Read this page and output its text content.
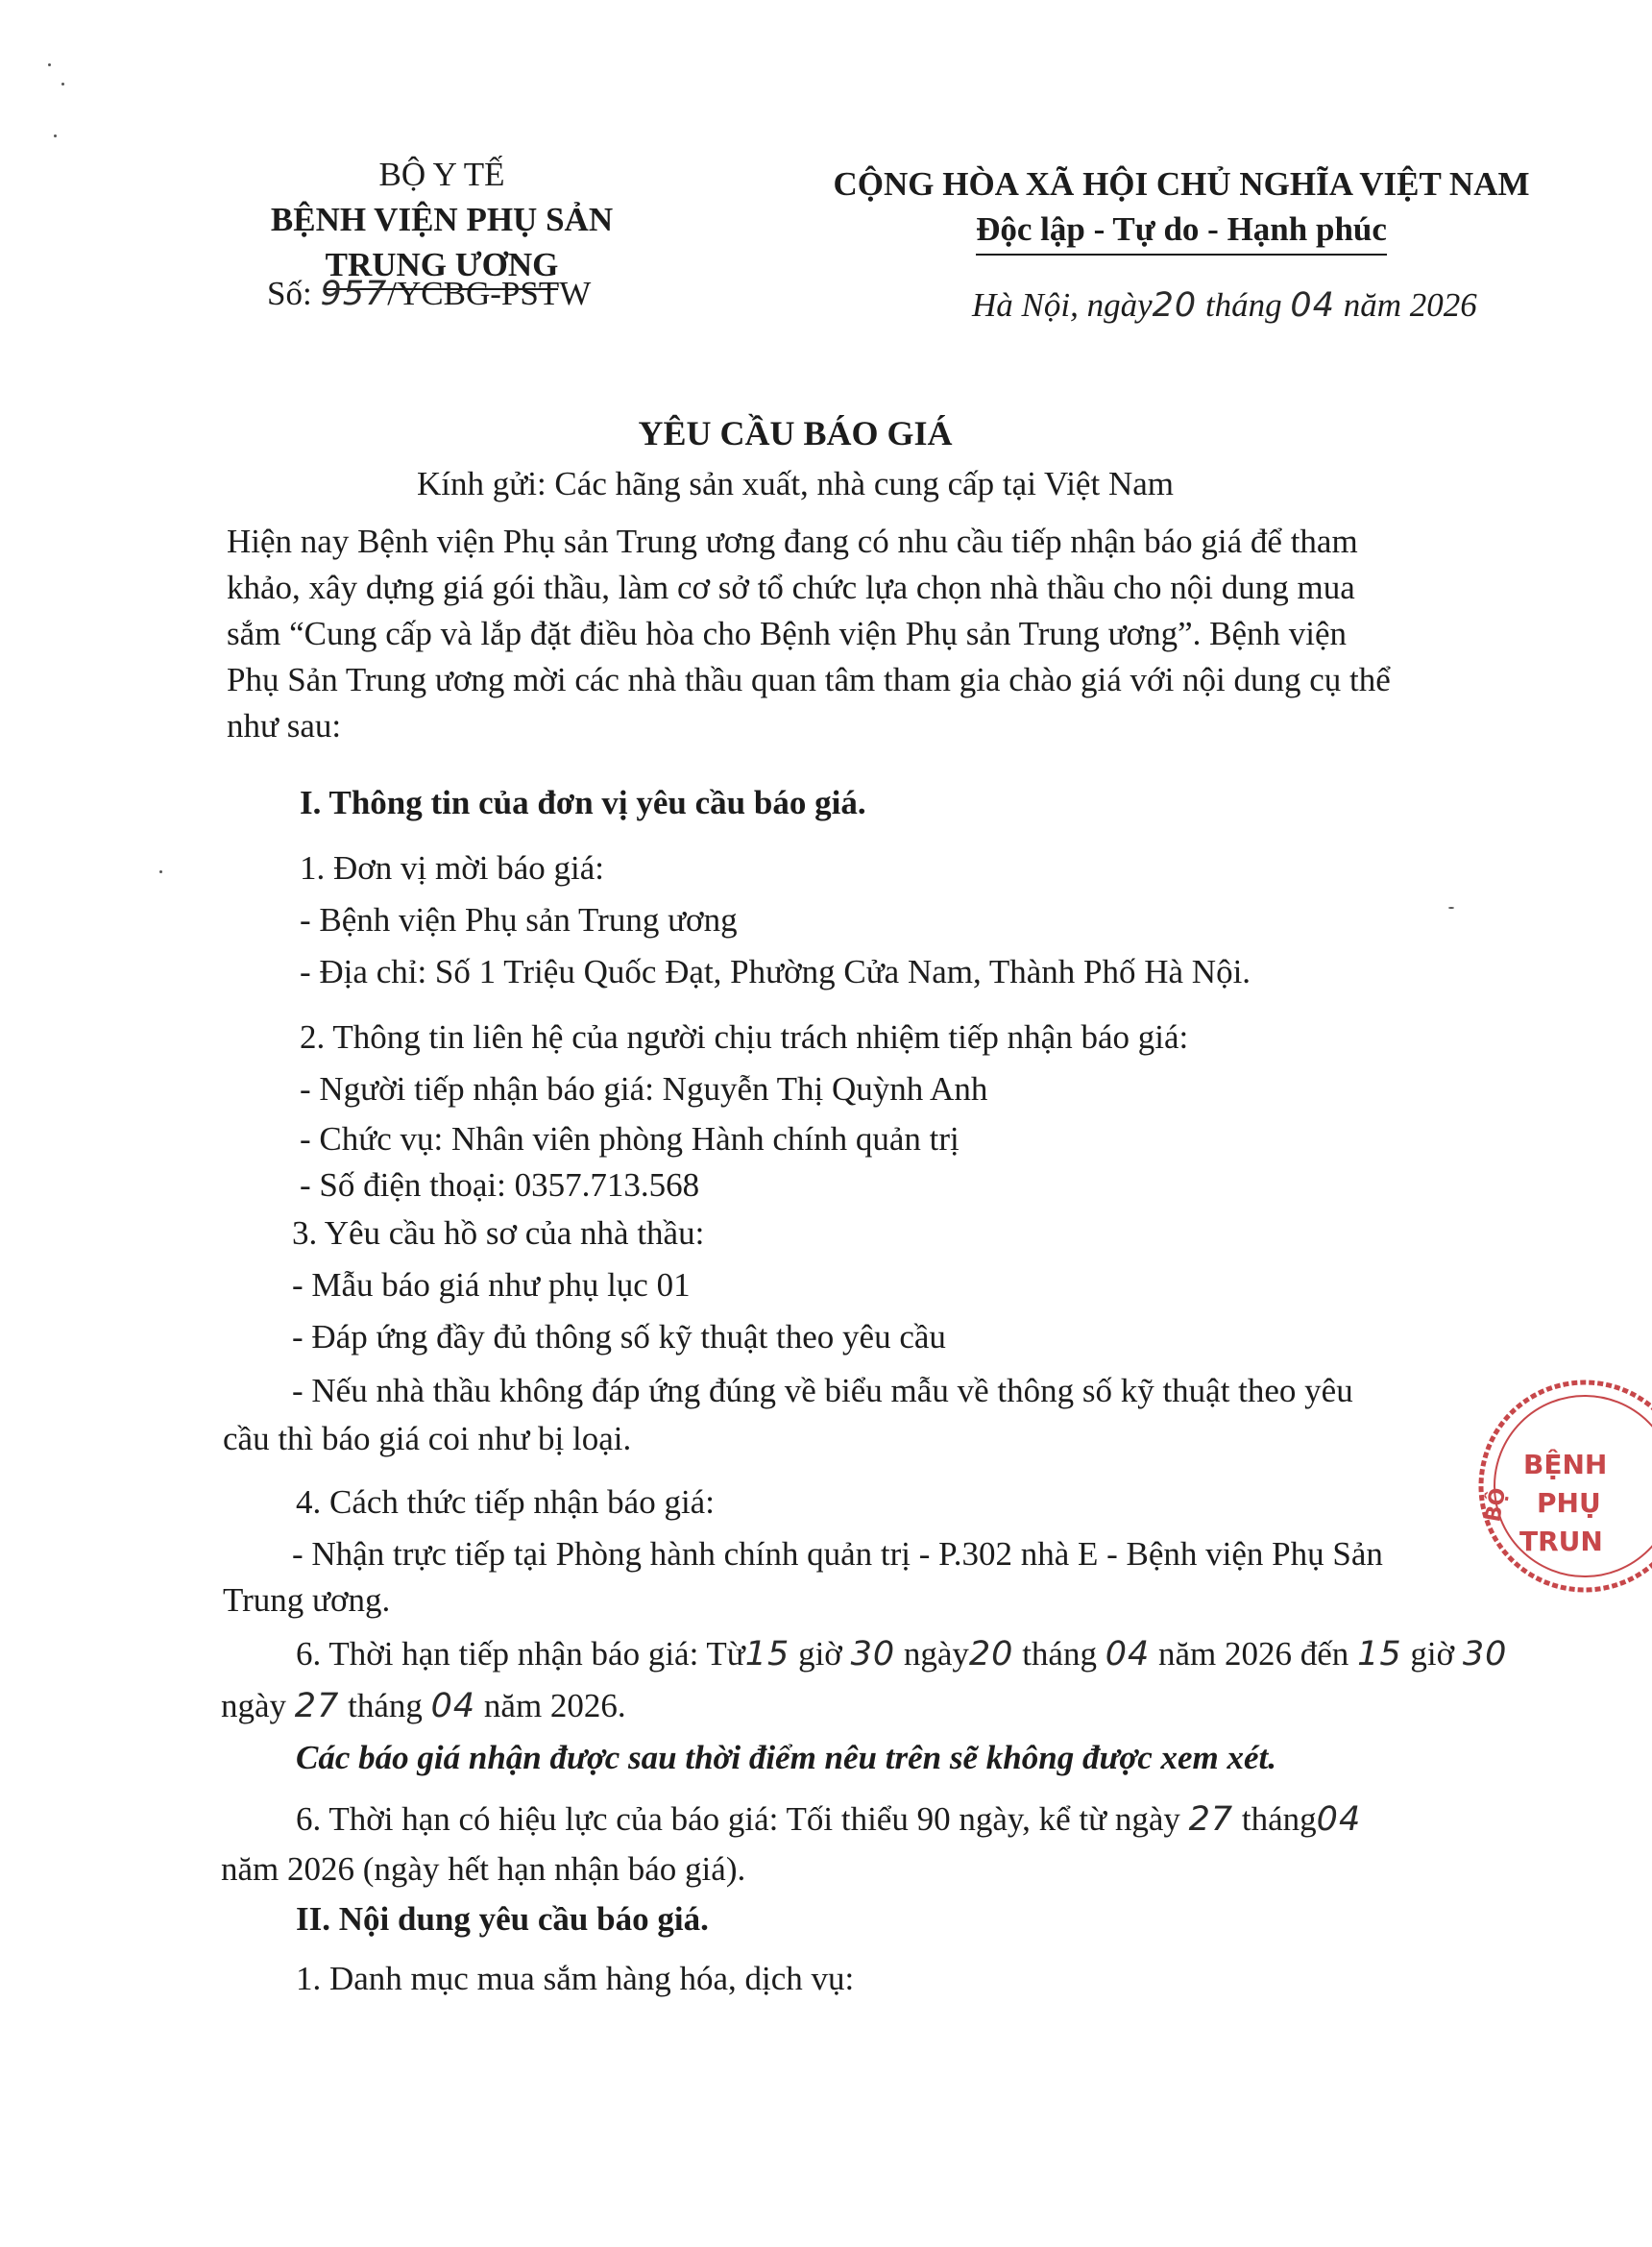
BỘ Y TẾ
BỆNH VIỆN PHỤ SẢN
TRUNG ƯƠNG
Số: 957/YCBG-PSTW
CỘNG HÒA XÃ HỘI CHỦ NGHĨA VIỆT NAM
Độc lập - Tự do - Hạnh phúc
Hà Nội, ngày20 tháng 04 năm 2026
YÊU CẦU BÁO GIÁ
Kính gửi: Các hãng sản xuất, nhà cung cấp tại Việt Nam
Hiện nay Bệnh viện Phụ sản Trung ương đang có nhu cầu tiếp nhận báo giá để tham
khảo, xây dựng giá gói thầu, làm cơ sở tổ chức lựa chọn nhà thầu cho nội dung mua
sắm “Cung cấp và lắp đặt điều hòa cho Bệnh viện Phụ sản Trung ương”. Bệnh viện
Phụ Sản Trung ương mời các nhà thầu quan tâm tham gia chào giá với nội dung cụ thể
như sau:
I. Thông tin của đơn vị yêu cầu báo giá.
1. Đơn vị mời báo giá:
- Bệnh viện Phụ sản Trung ương
- Địa chỉ: Số 1 Triệu Quốc Đạt, Phường Cửa Nam, Thành Phố Hà Nội.
2. Thông tin liên hệ của người chịu trách nhiệm tiếp nhận báo giá:
- Người tiếp nhận báo giá: Nguyễn Thị Quỳnh Anh
- Chức vụ: Nhân viên phòng Hành chính quản trị
- Số điện thoại: 0357.713.568
3. Yêu cầu hồ sơ của nhà thầu:
- Mẫu báo giá như phụ lục 01
- Đáp ứng đầy đủ thông số kỹ thuật theo yêu cầu
- Nếu nhà thầu không đáp ứng đúng về biểu mẫu về thông số kỹ thuật theo yêu
cầu thì báo giá coi như bị loại.
4. Cách thức tiếp nhận báo giá:
- Nhận trực tiếp tại Phòng hành chính quản trị - P.302 nhà E - Bệnh viện Phụ Sản
Trung ương.
6. Thời hạn tiếp nhận báo giá: Từ15 giờ 30 ngày20 tháng 04 năm 2026 đến 15 giờ 30
ngày 27 tháng 04 năm 2026.
Các báo giá nhận được sau thời điểm nêu trên sẽ không được xem xét.
6. Thời hạn có hiệu lực của báo giá: Tối thiểu 90 ngày, kể từ ngày 27 tháng04
năm 2026 (ngày hết hạn nhận báo giá).
II. Nội dung yêu cầu báo giá.
1. Danh mục mua sắm hàng hóa, dịch vụ:
BỆNH
PHỤ
TRUN
BỘ
